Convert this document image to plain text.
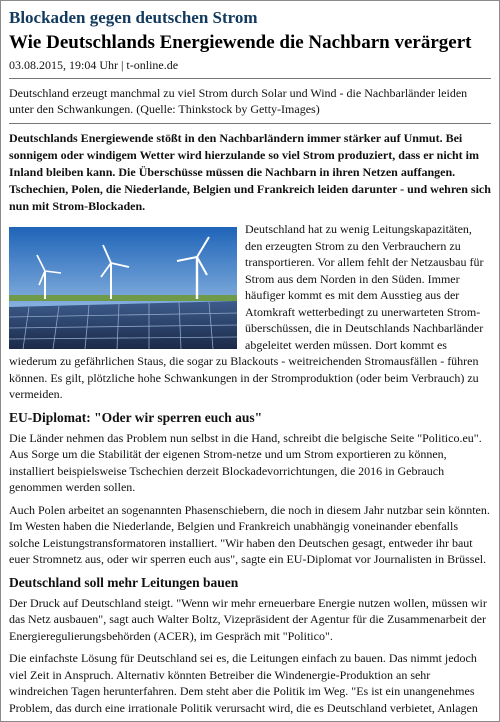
Blockaden gegen deutschen Strom
Wie Deutschlands Energiewende die Nachbarn verärgert
03.08.2015, 19:04 Uhr | t-online.de

Deutschland erzeugt manchmal zu viel Strom durch Solar und Wind - die Nachbarländer leiden unter den Schwankungen. (Quelle: Thinkstock by Getty-Images)

Deutschlands Energiewende stößt in den Nachbarländern immer stärker auf Unmut. Bei sonnigem oder windigem Wetter wird hierzulande so viel Strom produziert, dass er nicht im Inland bleiben kann. Die Überschüsse müssen die Nachbarn in ihren Netzen auffangen. Tschechien, Polen, die Niederlande, Belgien und Frankreich leiden darunter - und wehren sich nun mit Strom-Blockaden.

Deutschland hat zu wenig Leitungskapazitäten, den erzeugten Strom zu den Verbrauchern zu transportieren. Vor allem fehlt der Netzausbau für Strom aus dem Norden in den Süden. Immer häufiger kommt es mit dem Ausstieg aus der Atomkraft wetterbedingt zu unerwarteten Strom-überschüssen, die in Deutschlands Nachbarländer abgeleitet werden müssen. Dort kommt es wiederum zu gefährlichen Staus, die sogar zu Blackouts - weitreichenden Stromausfällen - führen können. Es gilt, plötzliche hohe Schwankungen in der Stromproduktion (oder beim Verbrauch) zu vermeiden.

EU-Diplomat: "Oder wir sperren euch aus"

Die Länder nehmen das Problem nun selbst in die Hand, schreibt die belgische Seite "Politico.eu". Aus Sorge um die Stabilität der eigenen Strom-netze und um Strom exportieren zu können, installiert beispielsweise Tschechien derzeit Blockadevorrichtungen, die 2016 in Gebrauch genommen werden sollen.

Auch Polen arbeitet an sogenannten Phasenschiebern, die noch in diesem Jahr nutzbar sein könnten. Im Westen haben die Niederlande, Belgien und Frankreich unabhängig voneinander ebenfalls solche Leistungstransformatoren installiert. "Wir haben den Deutschen gesagt, entweder ihr baut euer Stromnetz aus, oder wir sperren euch aus", sagte ein EU-Diplomat vor Journalisten in Brüssel.

Deutschland soll mehr Leitungen bauen

Der Druck auf Deutschland steigt. "Wenn wir mehr erneuerbare Energie nutzen wollen, müssen wir das Netz ausbauen", sagt auch Walter Boltz, Vizepräsident der Agentur für die Zusammenarbeit der Energieregulierungsbehörden (ACER), im Gespräch mit "Politico".

Die einfachste Lösung für Deutschland sei es, die Leitungen einfach zu bauen. Das nimmt jedoch viel Zeit in Anspruch. Alternativ könnten Betreiber die Windenergie-Produktion an sehr windreichen Tagen herunterfahren. Dem steht aber die Politik im Weg. "Es ist ein unangenehmes Problem, das durch eine irrationale Politik verursacht wird, die es Deutschland verbietet, Anlagen
